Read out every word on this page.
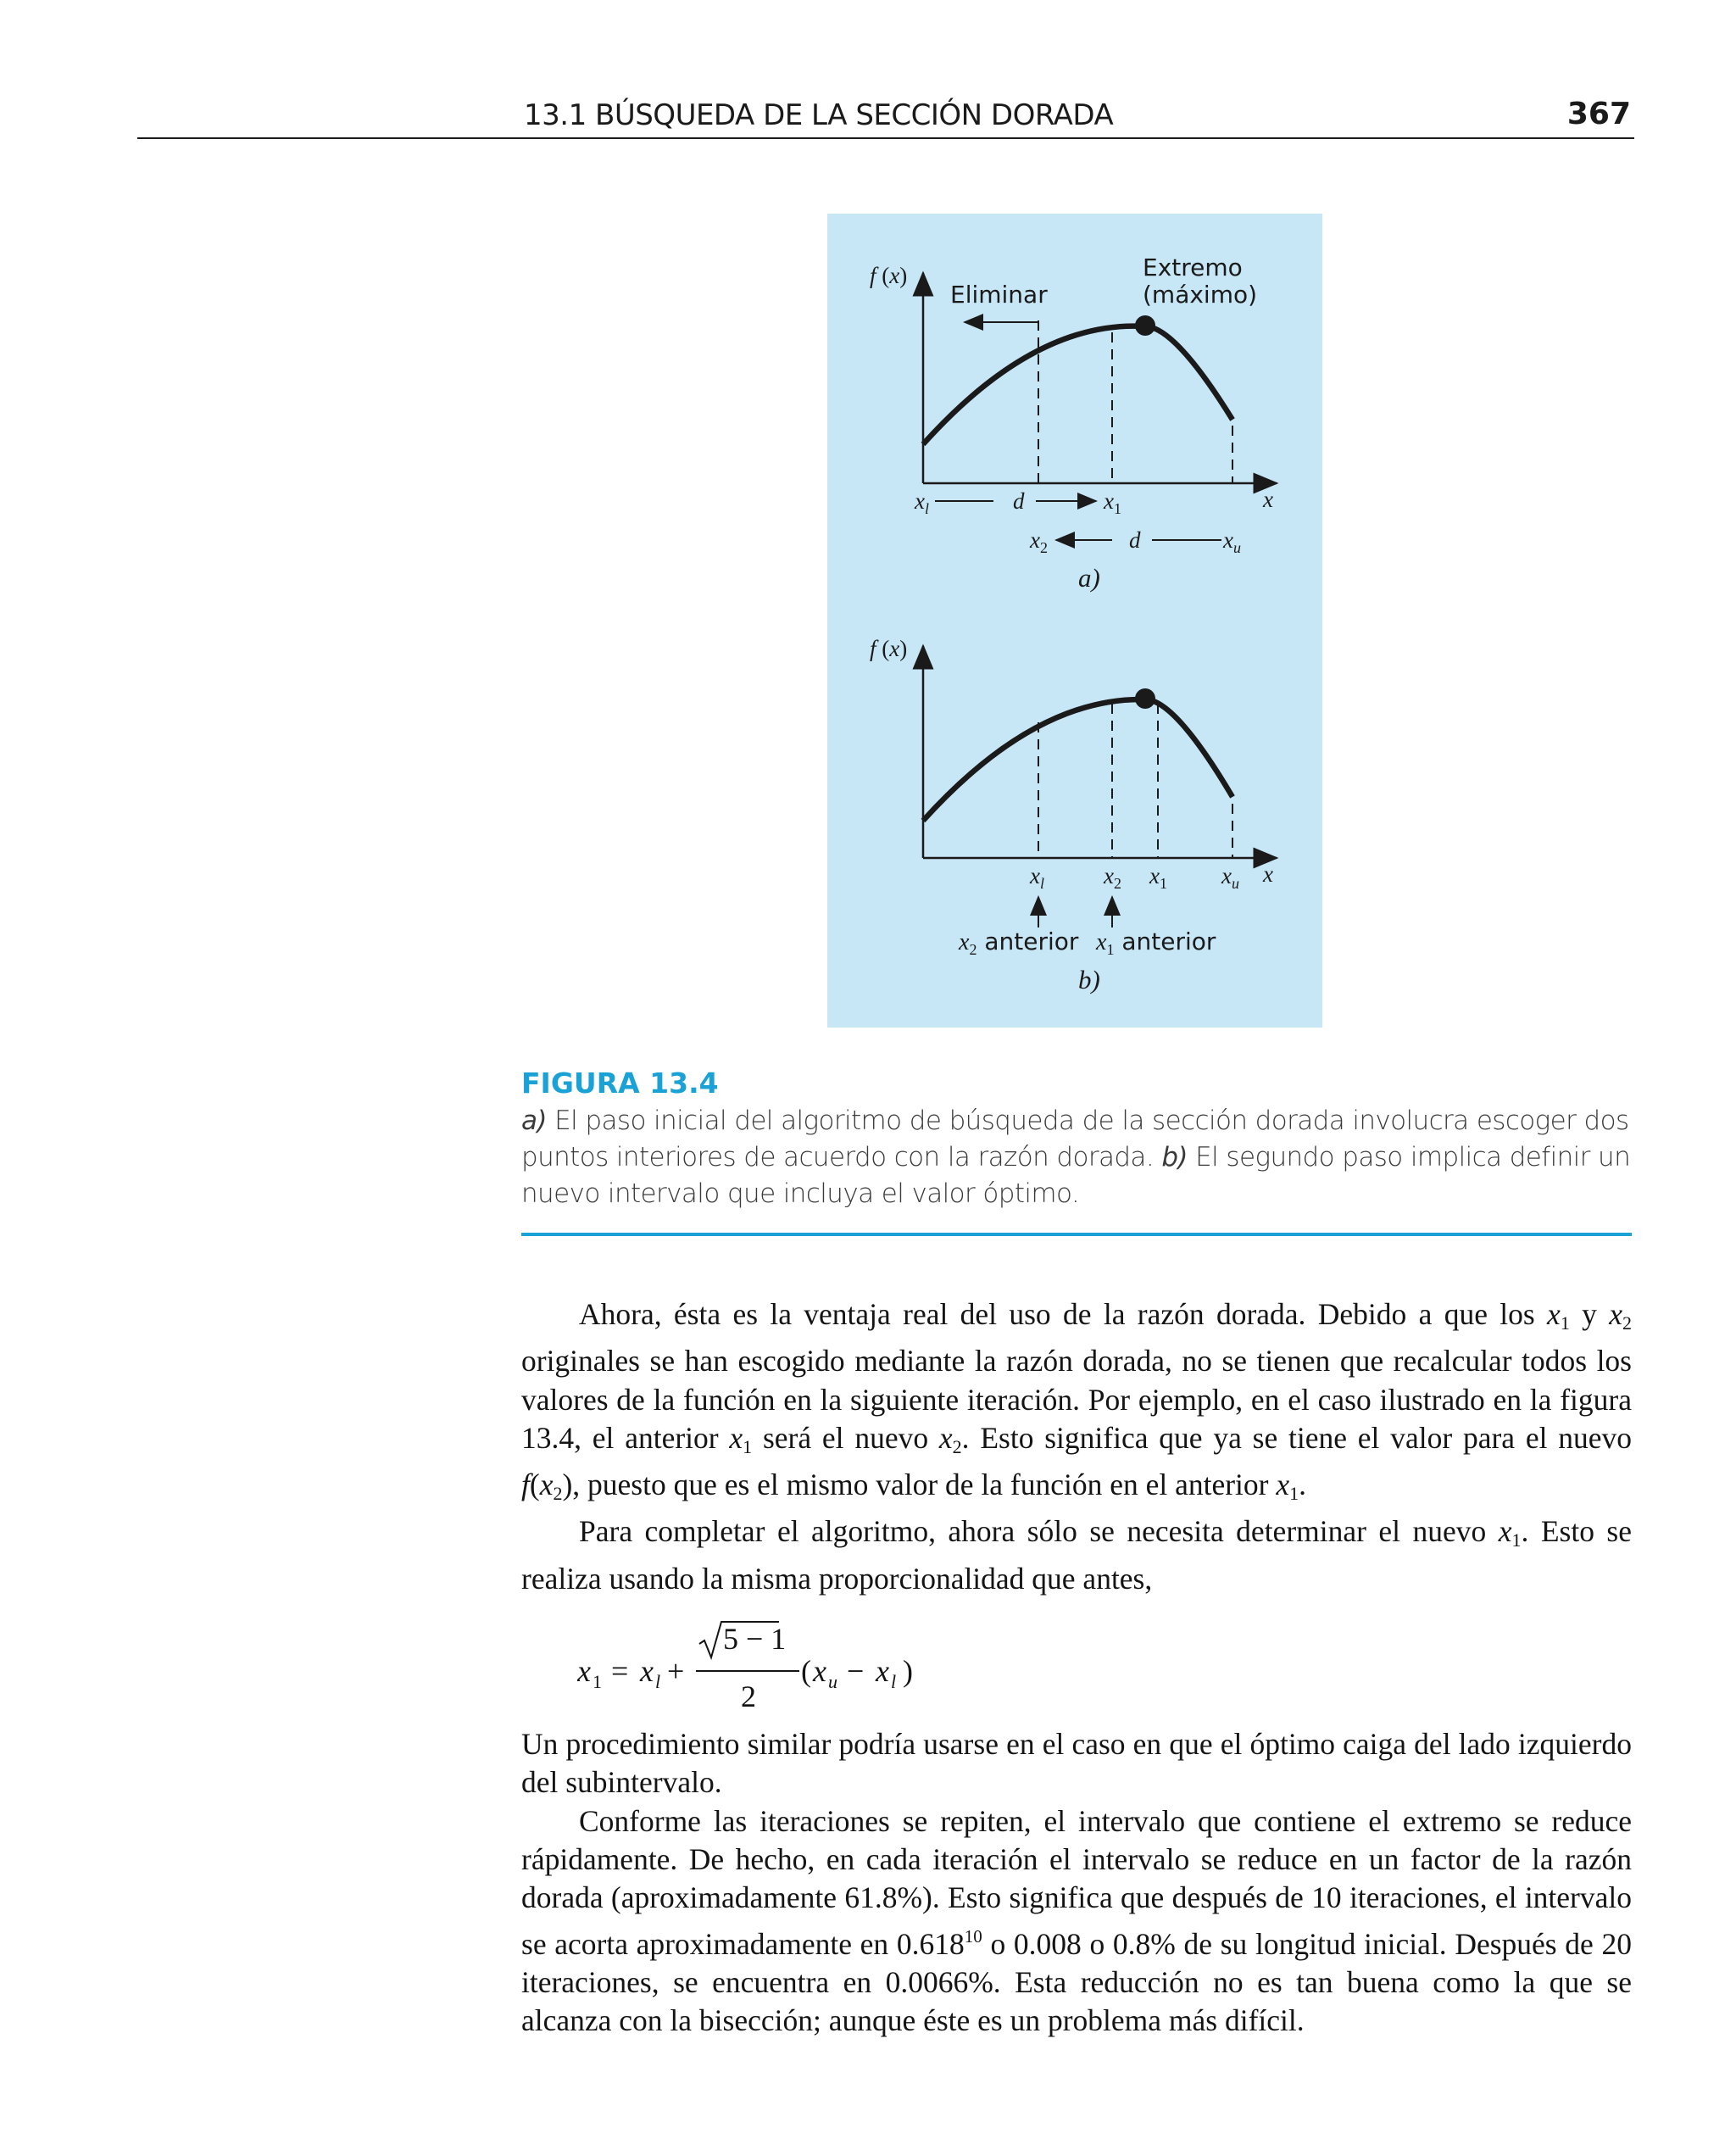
13.1 BÚSQUEDA DE LA SECCIÓN DORADA	367
f (x)
x
Eliminar
Extremo
(máximo)
$x_l$	d	$x_1$
$x_2$	d	$x_u$
a)
f (x)
x
$x_l$	$x_2$ $x_1$ $x_u$
$x_2$ anterior $x_1$ anterior
b)
FIGURA 13.4
a) El paso inicial del algoritmo de búsqueda de la sección dorada involucra escoger dos puntos interiores de acuerdo con la razón dorada. b) El segundo paso implica definir un nuevo intervalo que incluya el valor óptimo.

Ahora, ésta es la ventaja real del uso de la razón dorada. Debido a que los $x_1$ y $x_2$ originales se han escogido mediante la razón dorada, no se tienen que recalcular todos los valores de la función en la siguiente iteración. Por ejemplo, en el caso ilustrado en la figura 13.4, el anterior $x_1$ será el nuevo $x_2$. Esto significa que ya se tiene el valor para el nuevo $f(x_2)$, puesto que es el mismo valor de la función en el anterior $x_1$.

Para completar el algoritmo, ahora sólo se necesita determinar el nuevo $x_1$. Esto se realiza usando la misma proporcionalidad que antes,

x 1 = x l +
5 − 1
2
( x u − x l )

Un procedimiento similar podría usarse en el caso en que el óptimo caiga del lado izquierdo del subintervalo.

Conforme las iteraciones se repiten, el intervalo que contiene el extremo se reduce rápidamente. De hecho, en cada iteración el intervalo se reduce en un factor de la razón dorada (aproximadamente 61.8%). Esto significa que después de 10 iteraciones, el intervalo se acorta aproximadamente en 0.618$^{10}$ o 0.008 o 0.8% de su longitud inicial. Después de 20 iteraciones, se encuentra en 0.0066%. Esta reducción no es tan buena como la que se alcanza con la bisección; aunque éste es un problema más difícil.
